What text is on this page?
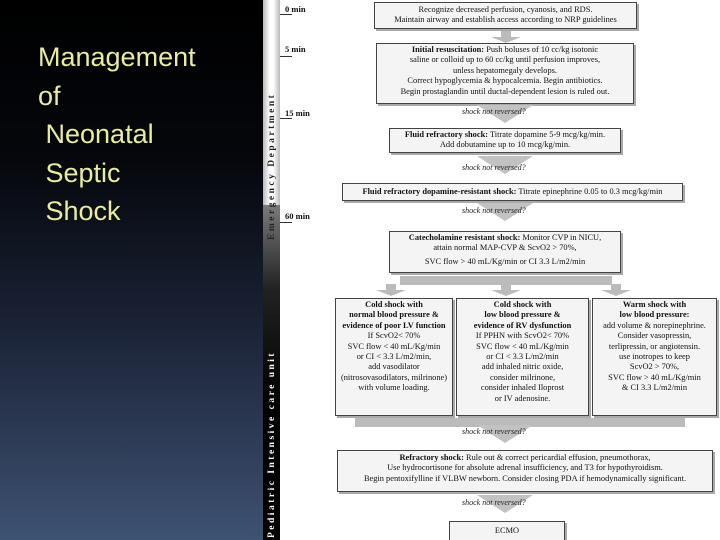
Management
of
Neonatal
Septic
Shock	Emergency Department
Pediatric Intensive care unit
0 min
5 min
15 min
60 min
Recognize decreased perfusion, cyanosis, and RDS.
Maintain airway and establish access according to NRP guidelines
Initial resuscitation: Push boluses of 10 cc/kg isotonic
saline or colloid up to 60 cc/kg until perfusion improves,
unless hepatomegaly develops.
Correct hypoglycemia & hypocalcemia. Begin antibiotics.
Begin prostaglandin until ductal-dependent lesion is ruled out.
shock not reversed?
Fluid refractory shock: Titrate dopamine 5-9 mcg/kg/min.
Add dobutamine up to 10 mcg/kg/min.
shock not reversed?
Fluid refractory dopamine-resistant shock: Titrate epinephrine 0.05 to 0.3 mcg/kg/min
shock not reversed?
Catecholamine resistant shock: Monitor CVP in NICU,
attain normal MAP-CVP & ScvO2 > 70%,
SVC flow > 40 mL/Kg/min or CI 3.3 L/m2/min
Cold shock with
normal blood pressure &
evidence of poor LV function
If ScvO2< 70%
SVC flow < 40 mL/Kg/min
or CI < 3.3 L/m2/min,
add vasodilator
(nitrosovasodilators, milrinone)
with volume loading.
Cold shock with
low blood pressure &
evidence of RV dysfunction
If PPHN with ScvO2< 70%
SVC flow < 40 mL/Kg/min
or CI < 3.3 L/m2/min
add inhaled nitric oxide,
consider milrinone,
consider inhaled Iloprost
or IV adenosine.
Warm shock with
low blood pressure:
add volume & norepinephrine.
Consider vasopressin,
terlipressin, or angiotensin.
use inotropes to keep
ScvO2 > 70%,
SVC flow > 40 mL/Kg/min
& CI 3.3 L/m2/min
shock not reversed?
Refractory shock: Rule out & correct pericardial effusion, pneumothorax,
Use hydrocortisone for absolute adrenal insufficiency, and T3 for hypothyroidism.
Begin pentoxifylline if VLBW newborn. Consider closing PDA if hemodynamically significant.
shock not reversed?
ECMO
